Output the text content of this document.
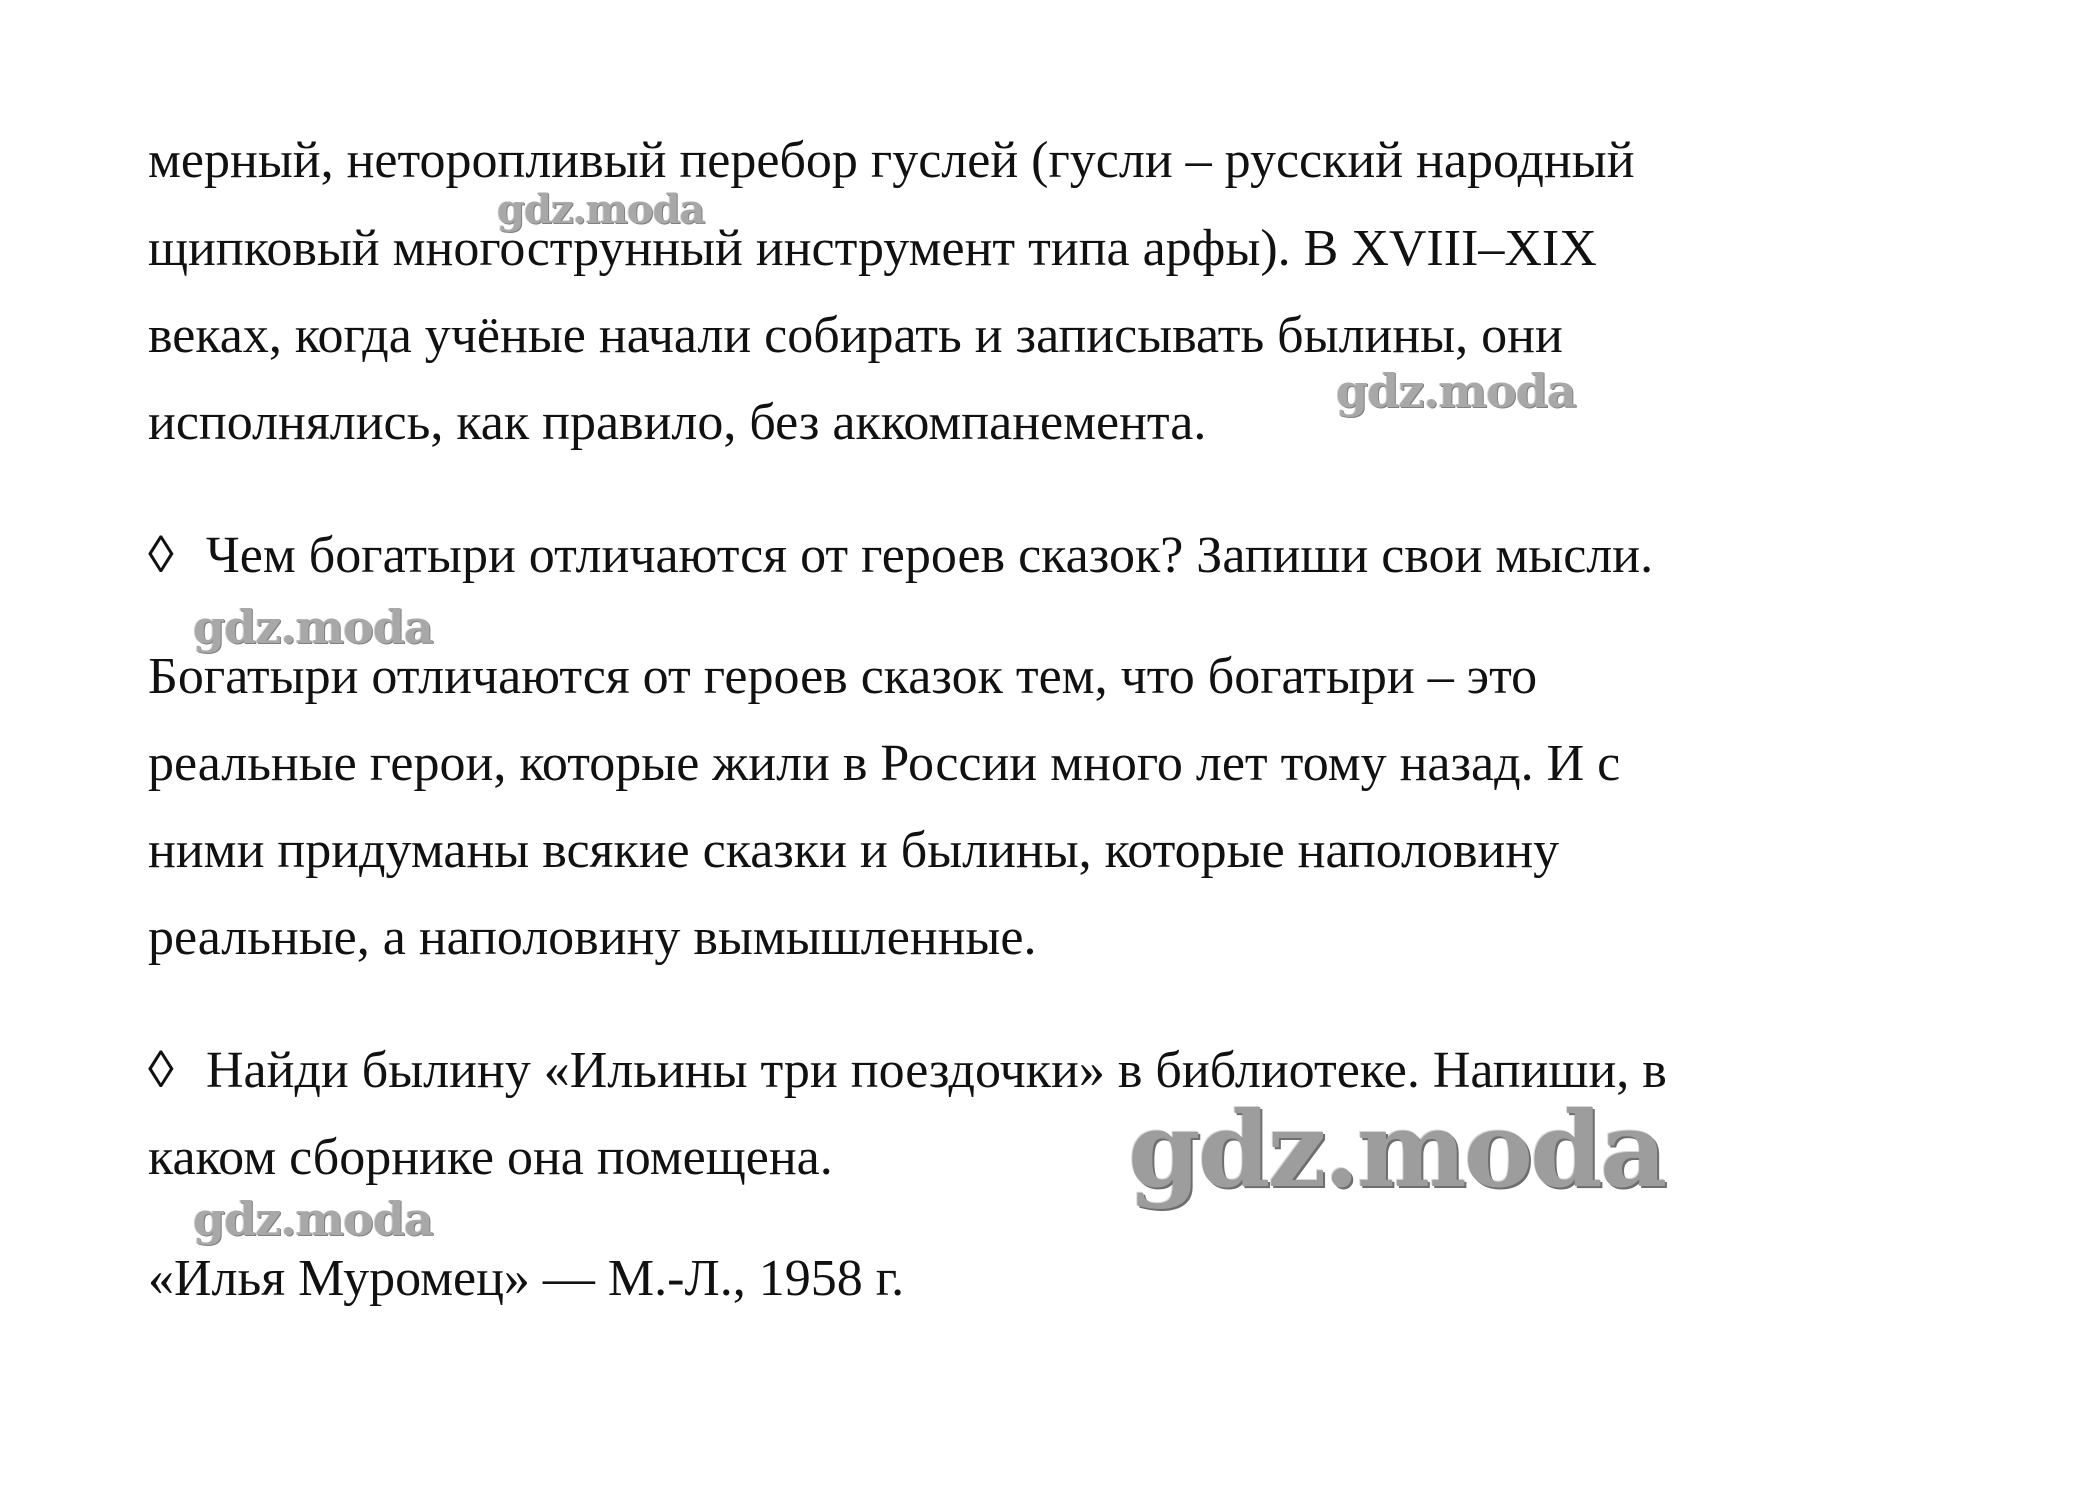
мерный, неторопливый перебор гуслей (гусли – русский народный
щипковый многострунный инструмент типа арфы). В XVIII–XIX
веках, когда учёные начали собирать и записывать былины, они
исполнялись, как правило, без аккомпанемента.
◊ Чем богатыри отличаются от героев сказок? Запиши свои мысли.
Богатыри отличаются от героев сказок тем, что богатыри – это
реальные герои, которые жили в России много лет тому назад. И с
ними придуманы всякие сказки и былины, которые наполовину
реальные, а наполовину вымышленные.
◊ Найди былину «Ильины три поездочки» в библиотеке. Напиши, в
каком сборнике она помещена.
«Илья Муромец» — М.-Л., 1958 г.
gdz.moda
gdz.moda
gdz.moda
gdz.moda
gdz.moda
